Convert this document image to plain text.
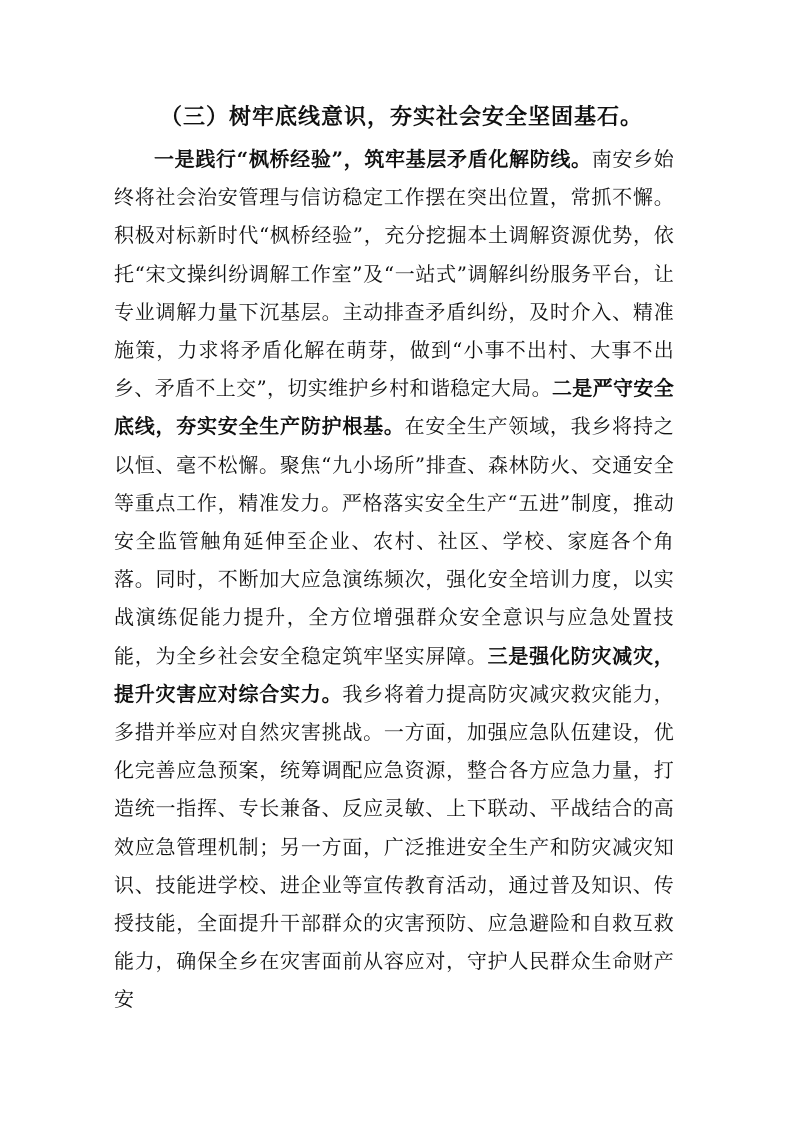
（三）树牢底线意识，夯实社会安全坚固基石。
一是践行“枫桥经验”，筑牢基层矛盾化解防线。南安乡始终将社会治安管理与信访稳定工作摆在突出位置，常抓不懈。积极对标新时代“枫桥经验”，充分挖掘本土调解资源优势，依托“宋文操纠纷调解工作室”及“一站式”调解纠纷服务平台，让专业调解力量下沉基层。主动排查矛盾纠纷，及时介入、精准施策，力求将矛盾化解在萌芽，做到“小事不出村、大事不出乡、矛盾不上交”，切实维护乡村和谐稳定大局。二是严守安全底线，夯实安全生产防护根基。在安全生产领域，我乡将持之以恒、毫不松懈。聚焦“九小场所”排查、森林防火、交通安全等重点工作，精准发力。严格落实安全生产“五进”制度，推动安全监管触角延伸至企业、农村、社区、学校、家庭各个角落。同时，不断加大应急演练频次，强化安全培训力度，以实战演练促能力提升，全方位增强群众安全意识与应急处置技能，为全乡社会安全稳定筑牢坚实屏障。三是强化防灾减灾，提升灾害应对综合实力。我乡将着力提高防灾减灾救灾能力，多措并举应对自然灾害挑战。一方面，加强应急队伍建设，优化完善应急预案，统筹调配应急资源，整合各方应急力量，打造统一指挥、专长兼备、反应灵敏、上下联动、平战结合的高效应急管理机制；另一方面，广泛推进安全生产和防灾减灾知识、技能进学校、进企业等宣传教育活动，通过普及知识、传授技能，全面提升干部群众的灾害预防、应急避险和自救互救能力，确保全乡在灾害面前从容应对，守护人民群众生命财产安
